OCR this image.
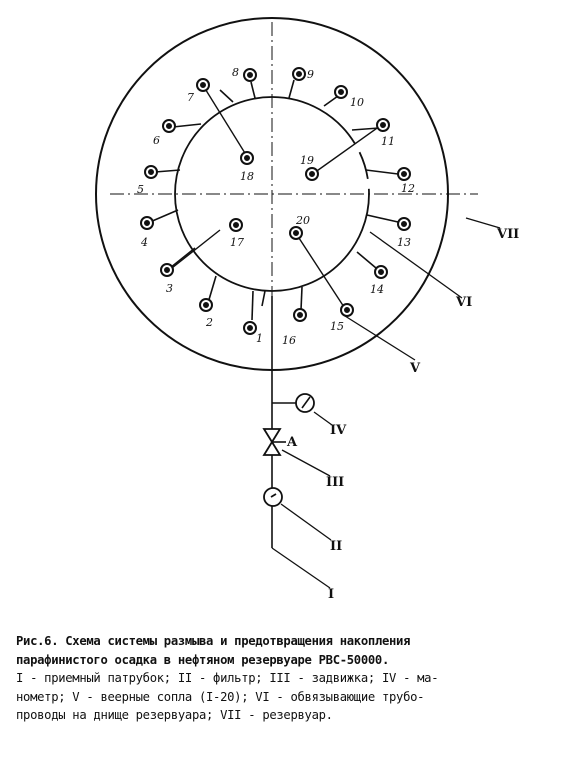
1
2
3
4
5
6
7
8	9
10
11
12
13
14
15
16
17
18
19
20
A
VII
VI
V
IV
III
II
I
Рис.6. Схема системы размыва и предотвращения накопления
парафинистого осадка в нефтяном резервуаре РВС-50000.
I - приемный патрубок; II - фильтр; III - задвижка; IV - ма-
нометр; V - веерные сопла (I-20); VI - обвязывающие трубо-
проводы на днище резервуара; VII - резервуар.
